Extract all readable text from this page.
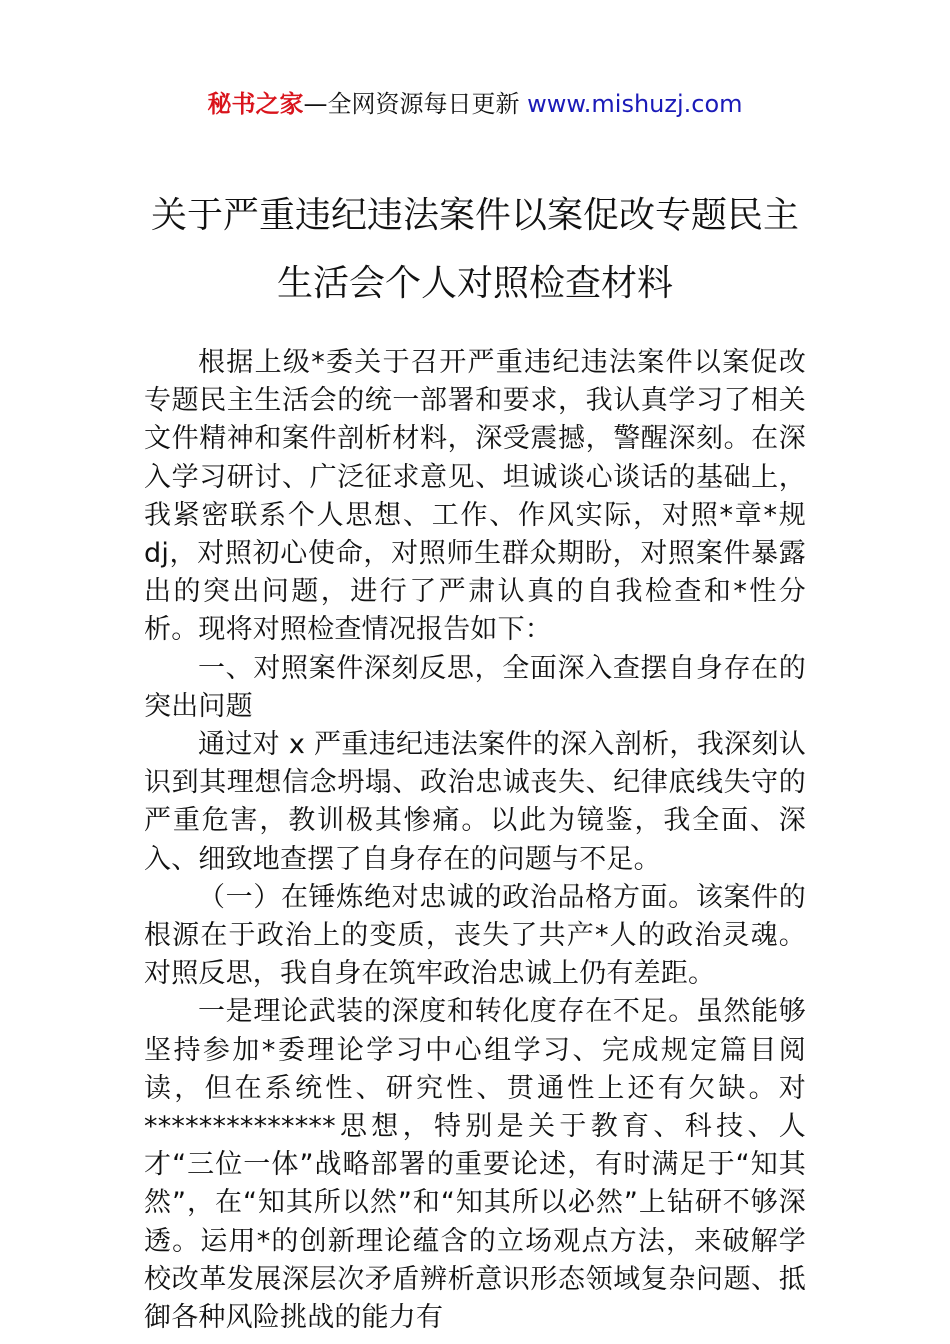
秘书之家—全网资源每日更新 www.mishuzj.com
关于严重违纪违法案件以案促改专题民主
生活会个人对照检查材料

根据上级*委关于召开严重违纪违法案件以案促改专题民主生活会的统一部署和要求，我认真学习了相关文件精神和案件剖析材料，深受震撼，警醒深刻。在深入学习研讨、广泛征求意见、坦诚谈心谈话的基础上，我紧密联系个人思想、工作、作风实际，对照*章*规 dj，对照初心使命，对照师生群众期盼，对照案件暴露出的突出问题，进行了严肃认真的自我检查和*性分析。现将对照检查情况报告如下：

一、对照案件深刻反思，全面深入查摆自身存在的突出问题

通过对 x 严重违纪违法案件的深入剖析，我深刻认识到其理想信念坍塌、政治忠诚丧失、纪律底线失守的严重危害，教训极其惨痛。以此为镜鉴，我全面、深入、细致地查摆了自身存在的问题与不足。

（一）在锤炼绝对忠诚的政治品格方面。该案件的根源在于政治上的变质，丧失了共产*人的政治灵魂。对照反思，我自身在筑牢政治忠诚上仍有差距。

一是理论武装的深度和转化度存在不足。虽然能够坚持参加*委理论学习中心组学习、完成规定篇目阅读，但在系统性、研究性、贯通性上还有欠缺。对**************思想，特别是关于教育、科技、人才“三位一体”战略部署的重要论述，有时满足于“知其然”，在“知其所以然”和“知其所以必然”上钻研不够深透。运用*的创新理论蕴含的立场观点方法，来破解学校改革发展深层次矛盾辨析意识形态领域复杂问题、抵御各种风险挑战的能力有
